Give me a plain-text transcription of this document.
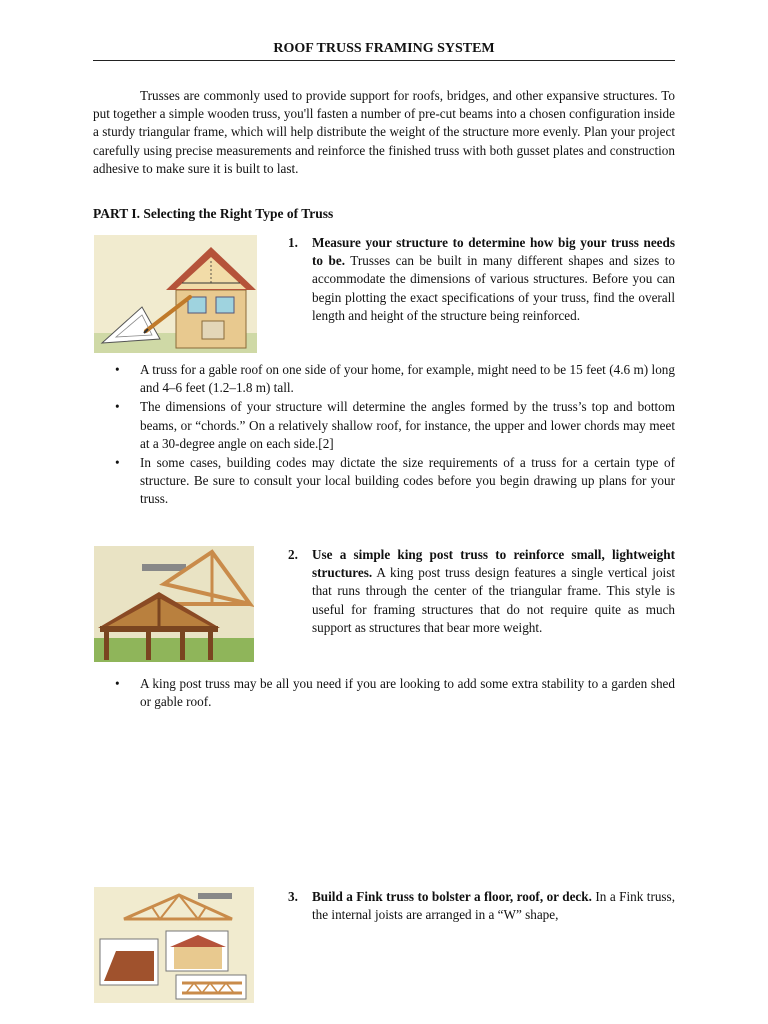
ROOF TRUSS FRAMING SYSTEM

Trusses are commonly used to provide support for roofs, bridges, and other expansive structures. To put together a simple wooden truss, you'll fasten a number of pre-cut beams into a chosen configuration inside a sturdy triangular frame, which will help distribute the weight of the structure more evenly. Plan your project carefully using precise measurements and reinforce the finished truss with both gusset plates and construction adhesive to make sure it is built to last.

PART I. Selecting the Right Type of Truss
1.	Measure your structure to determine how big your truss needs to be. Trusses can be built in many different shapes and sizes to accommodate the dimensions of various structures. Before you can begin plotting the exact specifications of your truss, find the overall length and height of the structure being reinforced.
• A truss for a gable roof on one side of your home, for example, might need to be 15 feet (4.6 m) long and 4–6 feet (1.2–1.8 m) tall.
• The dimensions of your structure will determine the angles formed by the truss’s top and bottom beams, or “chords.” On a relatively shallow roof, for instance, the upper and lower chords may meet at a 30-degree angle on each side.[2]
• In some cases, building codes may dictate the size requirements of a truss for a certain type of structure. Be sure to consult your local building codes before you begin drawing up plans for your truss.
2.	Use a simple king post truss to reinforce small, lightweight structures. A king post truss design features a single vertical joist that runs through the center of the triangular frame. This style is useful for framing structures that do not require quite as much support as structures that bear more weight.
• A king post truss may be all you need if you are looking to add some extra stability to a garden shed or gable roof.
3.	Build a Fink truss to bolster a floor, roof, or deck. In a Fink truss, the internal joists are arranged in a “W” shape,
